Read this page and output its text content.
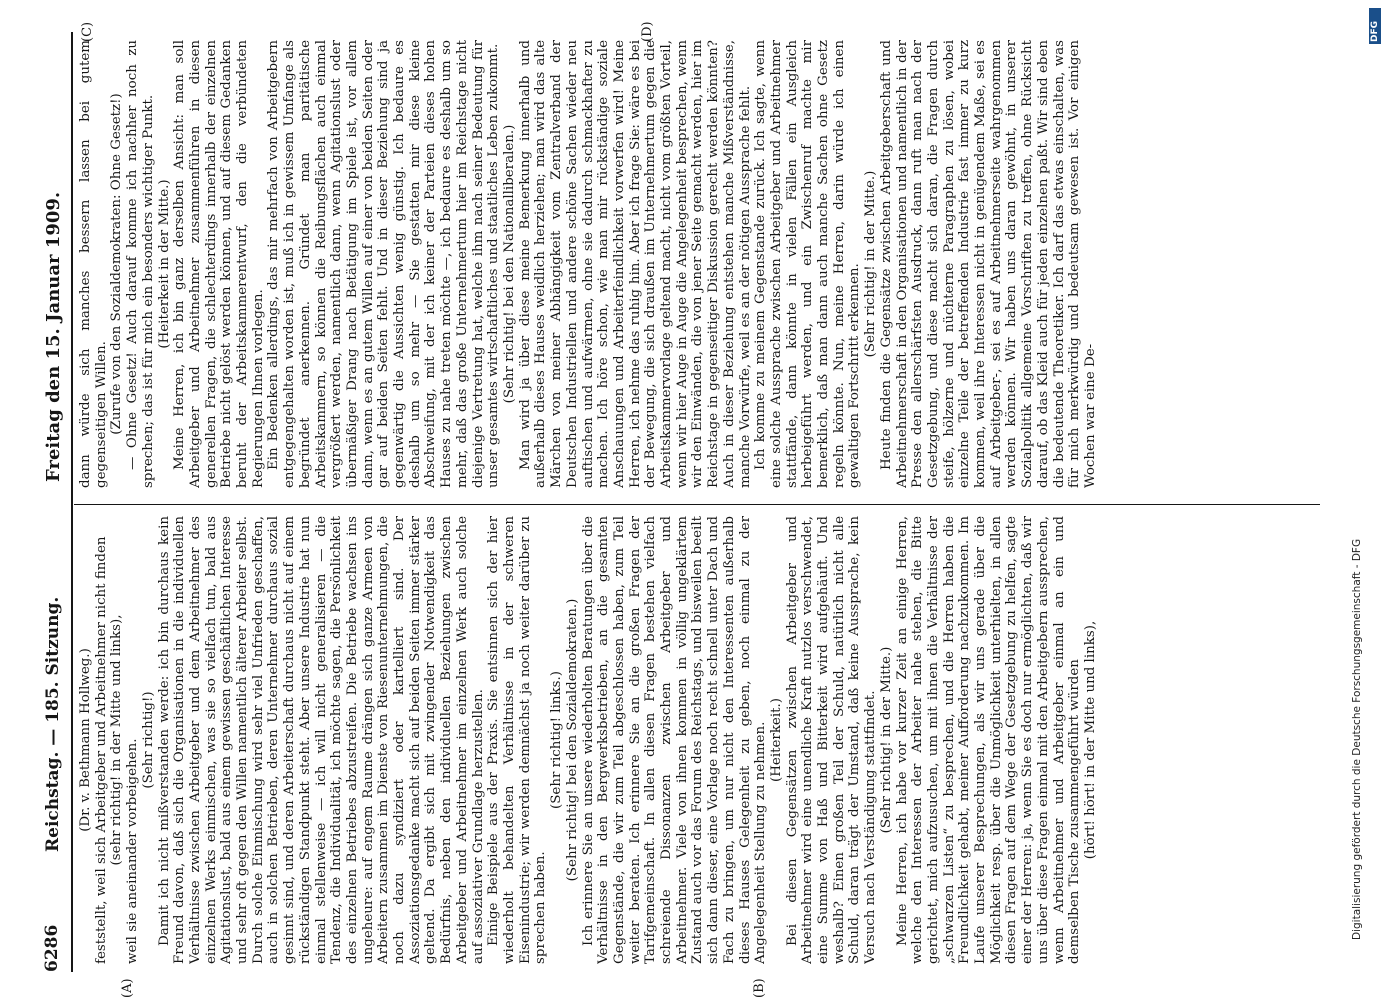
6286
Reichstag. — 185. Sitzung.
Freitag den 15. Januar 1909.
(A)	(B)
(C)	(D)

(Dr. v. Bethmann Hollweg.) feststellt, weil sich Arbeitgeber und Arbeitnehmer nicht finden (sehr richtig! in der Mitte und links), weil sie aneinander vorbeigehen. (Sehr richtig!) Damit ich nicht mißverstanden werde: ich bin durchaus kein Freund davon, daß sich die Organisationen in die individuellen Verhältnisse zwischen Arbeitgeber und dem Arbeitnehmer des einzelnen Werks einmischen, was sie so vielfach tun, bald aus Agitationslust, bald aus einem gewissen geschäftlichen Interesse und sehr oft gegen den Willen namentlich älterer Arbeiter selbst. Durch solche Einmischung wird sehr viel Unfrieden geschaffen, auch in solchen Betrieben, deren Unternehmer durchaus sozial gesinnt sind, und deren Arbeiterschaft durchaus nicht auf einem rückständigen Standpunkt steht. Aber unsere Industrie hat nun einmal stellenweise — ich will nicht generalisieren — die Tendenz, die Individualität, ich möchte sagen, die Persönlichkeit des einzelnen Betriebes abzustreifen. Die Betriebe wachsen ins ungeheure: auf engem Raume drängen sich ganze Armeen von Arbeitern zusammen im Dienste von Riesenunternehmungen, die noch dazu syndiziert oder kartelliert sind. Der Assoziationsgedanke macht sich auf beiden Seiten immer stärker geltend. Da ergibt sich mit zwingender Notwendigkeit das Bedürfnis, neben den individuellen Beziehungen zwischen Arbeitgeber und Arbeitnehmer im einzelnen Werk auch solche auf assoziativer Grundlage herzustellen. Einige Beispiele aus der Praxis. Sie entsinnen sich der hier wiederholt behandelten Verhältnisse in der schweren Eisenindustrie; wir werden demnächst ja noch weiter darüber zu sprechen haben.

(Sehr richtig! links.) (Sehr richtig! bei den Sozialdemokraten.) Ich erinnere Sie an unsere wiederholten Beratungen über die Verhältnisse in den Bergwerksbetrieben, an die gesamten Gegenstände, die wir zum Teil abgeschlossen haben, zum Teil weiter beraten. Ich erinnere Sie an die großen Fragen der Tarifgemeinschaft. In allen diesen Fragen bestehen vielfach schreiende Dissonanzen zwischen Arbeitgeber und Arbeitnehmer. Viele von ihnen kommen in völlig ungeklärtem Zustand auch vor das Forum des Reichstags, und bisweilen beeilt sich dann dieser, eine Vorlage noch recht schnell unter Dach und Fach zu bringen, um nur nicht den Interessenten außerhalb dieses Hauses Gelegenheit zu geben, noch einmal zu der Angelegenheit Stellung zu nehmen. (Heiterkeit.) Bei diesen Gegensätzen zwischen Arbeitgeber und Arbeitnehmer wird eine unendliche Kraft nutzlos verschwendet, eine Summe von Haß und Bitterkeit wird aufgehäuft. Und weshalb? Einen großen Teil der Schuld, natürlich nicht alle Schuld, daran trägt der Umstand, daß keine Aussprache, kein Versuch nach Verständigung stattfindet. (Sehr richtig! in der Mitte.) Meine Herren, ich habe vor kurzer Zeit an einige Herren, welche den Interessen der Arbeiter nahe stehen, die Bitte gerichtet, mich aufzusuchen, um mit ihnen die Verhältnisse der „schwarzen Listen“ zu besprechen, und die Herren haben die Freundlichkeit gehabt, meiner Aufforderung nachzukommen. Im Laufe unserer Besprechungen, als wir uns gerade über die Möglichkeit resp. über die Unmöglichkeit unterhielten, in allen diesen Fragen auf dem Wege der Gesetzgebung zu helfen, sagte einer der Herren: ja, wenn Sie es doch nur ermöglichten, daß wir uns über diese Fragen einmal mit den Arbeitgebern aussprechen, wenn Arbeitnehmer und Arbeitgeber einmal an ein und demselben Tische zusammengeführt würden (hört! hört! in der Mitte und links),

dann würde sich manches bessern lassen bei gutem gegenseitigen Willen. (Zurufe von den Sozialdemokraten: Ohne Gesetz!) — Ohne Gesetz! Auch darauf komme ich nachher noch zu sprechen; das ist für mich ein besonders wichtiger Punkt. (Heiterkeit in der Mitte.) Meine Herren, ich bin ganz derselben Ansicht: man soll Arbeitgeber und Arbeitnehmer zusammenführen in diesen generellen Fragen, die schlechterdings innerhalb der einzelnen Betriebe nicht gelöst werden können, und auf diesem Gedanken beruht der Arbeitskammerentwurf, den die verbündeten Regierungen Ihnen vorlegen. Ein Bedenken allerdings, das mir mehrfach von Arbeitgebern entgegengehalten worden ist, muß ich in gewissem Umfange als begründet anerkennen. Gründet man paritätische Arbeitskammern, so können die Reibungsflächen auch einmal vergrößert werden, namentlich dann, wenn Agitationslust oder übermäßiger Drang nach Betätigung im Spiele ist, vor allem dann, wenn es an gutem Willen auf einer von beiden Seiten oder gar auf beiden Seiten fehlt. Und in dieser Beziehung sind ja gegenwärtig die Aussichten wenig günstig. Ich bedaure es deshalb um so mehr — Sie gestatten mir diese kleine Abschweifung, mit der ich keiner der Parteien dieses hohen Hauses zu nahe treten möchte —, ich bedaure es deshalb um so mehr, daß das große Unternehmertum hier im Reichstage nicht diejenige Vertretung hat, welche ihm nach seiner Bedeutung für unser gesamtes wirtschaftliches und staatliches Leben zukommt. (Sehr richtig! bei den Nationalliberalen.) Man wird ja über diese meine Bemerkung innerhalb und außerhalb dieses Hauses weidlich herziehen; man wird das alte Märchen von meiner Abhängigkeit vom Zentralverband der Deutschen Industriellen und andere schöne Sachen wieder neu auftischen und aufwärmen, ohne sie dadurch schmackhafter zu machen. Ich höre schon, wie man mir rückständige soziale Anschauungen und Arbeiterfeindlichkeit vorwerfen wird! Meine Herren, ich nehme das ruhig hin. Aber ich frage Sie: wäre es bei der Bewegung, die sich draußen im Unternehmertum gegen die Arbeitskammervorlage geltend macht, nicht vom größten Vorteil, wenn wir hier Auge in Auge die Angelegenheit besprechen, wenn wir den Einwänden, die von jener Seite gemacht werden, hier im Reichstage in gegenseitiger Diskussion gerecht werden könnten? Auch in dieser Beziehung entstehen manche Mißverständnisse, manche Vorwürfe, weil es an der nötigen Aussprache fehlt. Ich komme zu meinem Gegenstande zurück. Ich sagte, wenn eine solche Aussprache zwischen Arbeitgeber und Arbeitnehmer stattfände, dann könnte in vielen Fällen ein Ausgleich herbeigeführt werden, und ein Zwischenruf machte mir bemerklich, daß man dann auch manche Sachen ohne Gesetz regeln könnte. Nun, meine Herren, darin würde ich einen gewaltigen Fortschritt erkennen. (Sehr richtig! in der Mitte.) Heute finden die Gegensätze zwischen Arbeitgeberschaft und Arbeitnehmerschaft in den Organisationen und namentlich in der Presse den allerschärfsten Ausdruck, dann ruft man nach der Gesetzgebung, und diese macht sich daran, die Fragen durch steife, hölzerne und nüchterne Paragraphen zu lösen, wobei einzelne Teile der betreffenden Industrie fast immer zu kurz kommen, weil ihre Interessen nicht in genügendem Maße, sei es auf Arbeitgeber-, sei es auf Arbeitnehmerseite wahrgenommen werden können. Wir haben uns daran gewöhnt, in unserer Sozialpolitik allgemeine Vorschriften zu treffen, ohne Rücksicht darauf, ob das Kleid auch für jeden einzelnen paßt. Wir sind eben die bedeutende Theoretiker. Ich darf das etwas einschalten, was für mich merkwürdig und bedeutsam gewesen ist. Vor einigen Wochen war eine De-

Digitalisierung gefördert durch die Deutsche Forschungsgemeinschaft - DFG
DFG
